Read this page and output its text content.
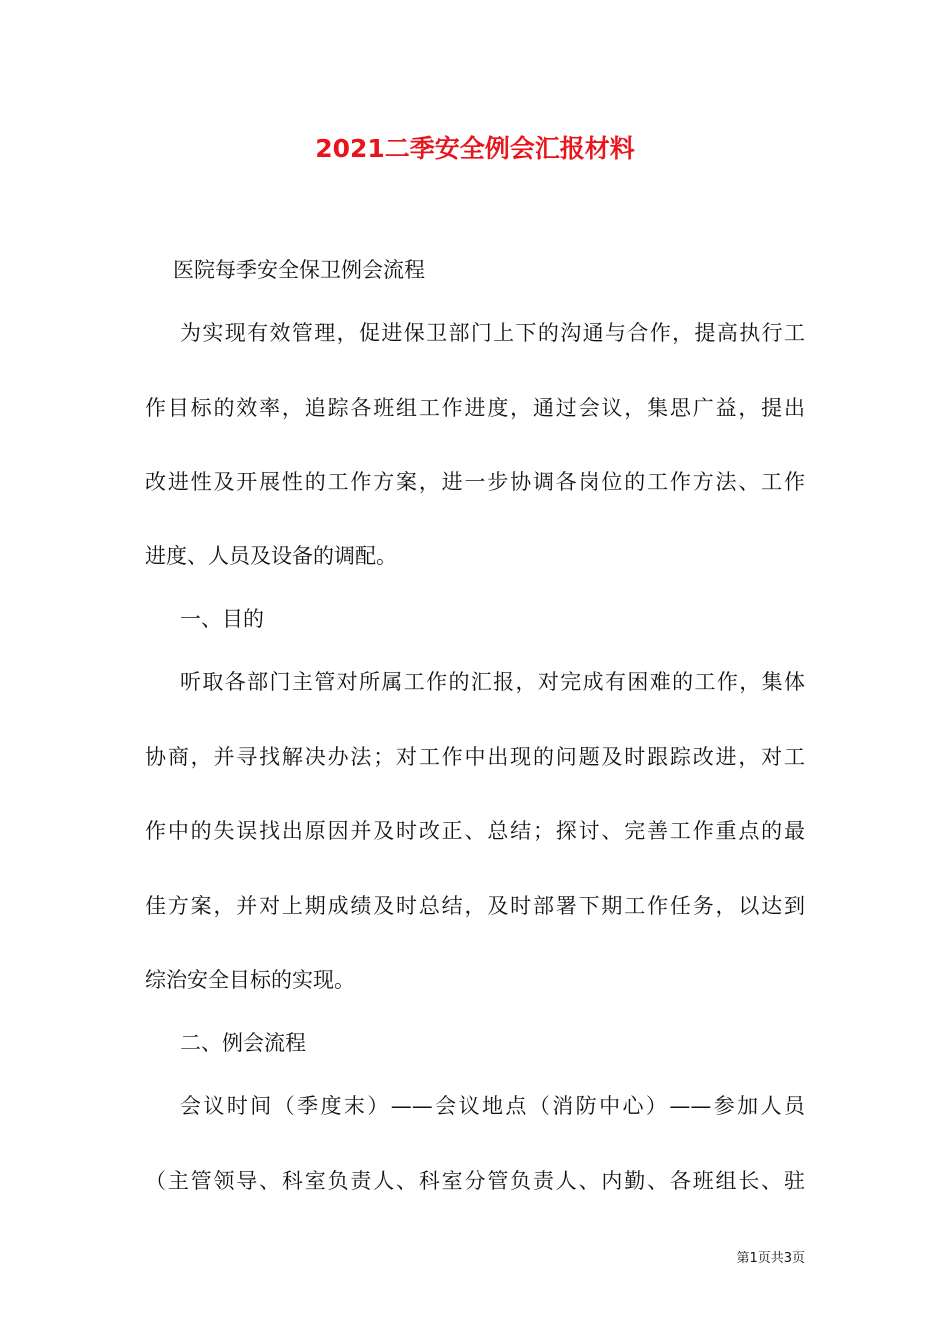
2021二季安全例会汇报材料

医院每季安全保卫例会流程

为实现有效管理，促进保卫部门上下的沟通与合作，提高执行工

作目标的效率，追踪各班组工作进度，通过会议，集思广益，提出

改进性及开展性的工作方案，进一步协调各岗位的工作方法、工作

进度、人员及设备的调配。

一、目的

听取各部门主管对所属工作的汇报，对完成有困难的工作，集体

协商，并寻找解决办法；对工作中出现的问题及时跟踪改进，对工

作中的失误找出原因并及时改正、总结；探讨、完善工作重点的最

佳方案，并对上期成绩及时总结，及时部署下期工作任务，以达到

综治安全目标的实现。

二、例会流程

会议时间（季度末）——会议地点（消防中心）——参加人员

（主管领导、科室负责人、科室分管负责人、内勤、各班组长、驻

第1页共3页
